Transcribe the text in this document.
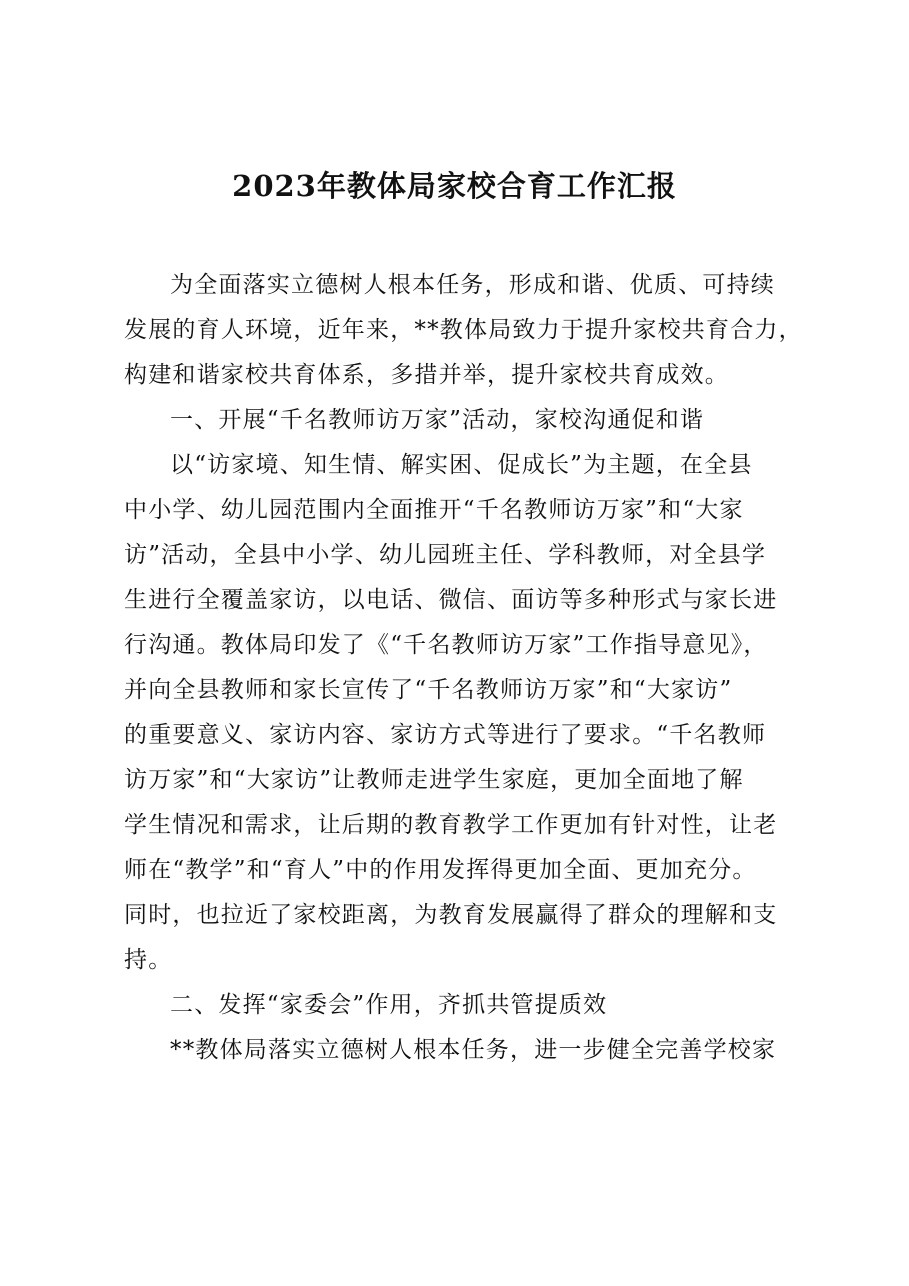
2023年教体局家校合育工作汇报
为全面落实立德树人根本任务，形成和谐、优质、可持续
发展的育人环境，近年来，**教体局致力于提升家校共育合力，
构建和谐家校共育体系，多措并举，提升家校共育成效。
一、开展“千名教师访万家”活动，家校沟通促和谐
以“访家境、知生情、解实困、促成长”为主题，在全县
中小学、幼儿园范围内全面推开“千名教师访万家”和“大家
访”活动，全县中小学、幼儿园班主任、学科教师，对全县学
生进行全覆盖家访，以电话、微信、面访等多种形式与家长进
行沟通。教体局印发了《“千名教师访万家”工作指导意见》，
并向全县教师和家长宣传了“千名教师访万家”和“大家访”
的重要意义、家访内容、家访方式等进行了要求。“千名教师
访万家”和“大家访”让教师走进学生家庭，更加全面地了解
学生情况和需求，让后期的教育教学工作更加有针对性，让老
师在“教学”和“育人”中的作用发挥得更加全面、更加充分。
同时，也拉近了家校距离，为教育发展赢得了群众的理解和支
持。
二、发挥“家委会”作用，齐抓共管提质效
**教体局落实立德树人根本任务，进一步健全完善学校家
